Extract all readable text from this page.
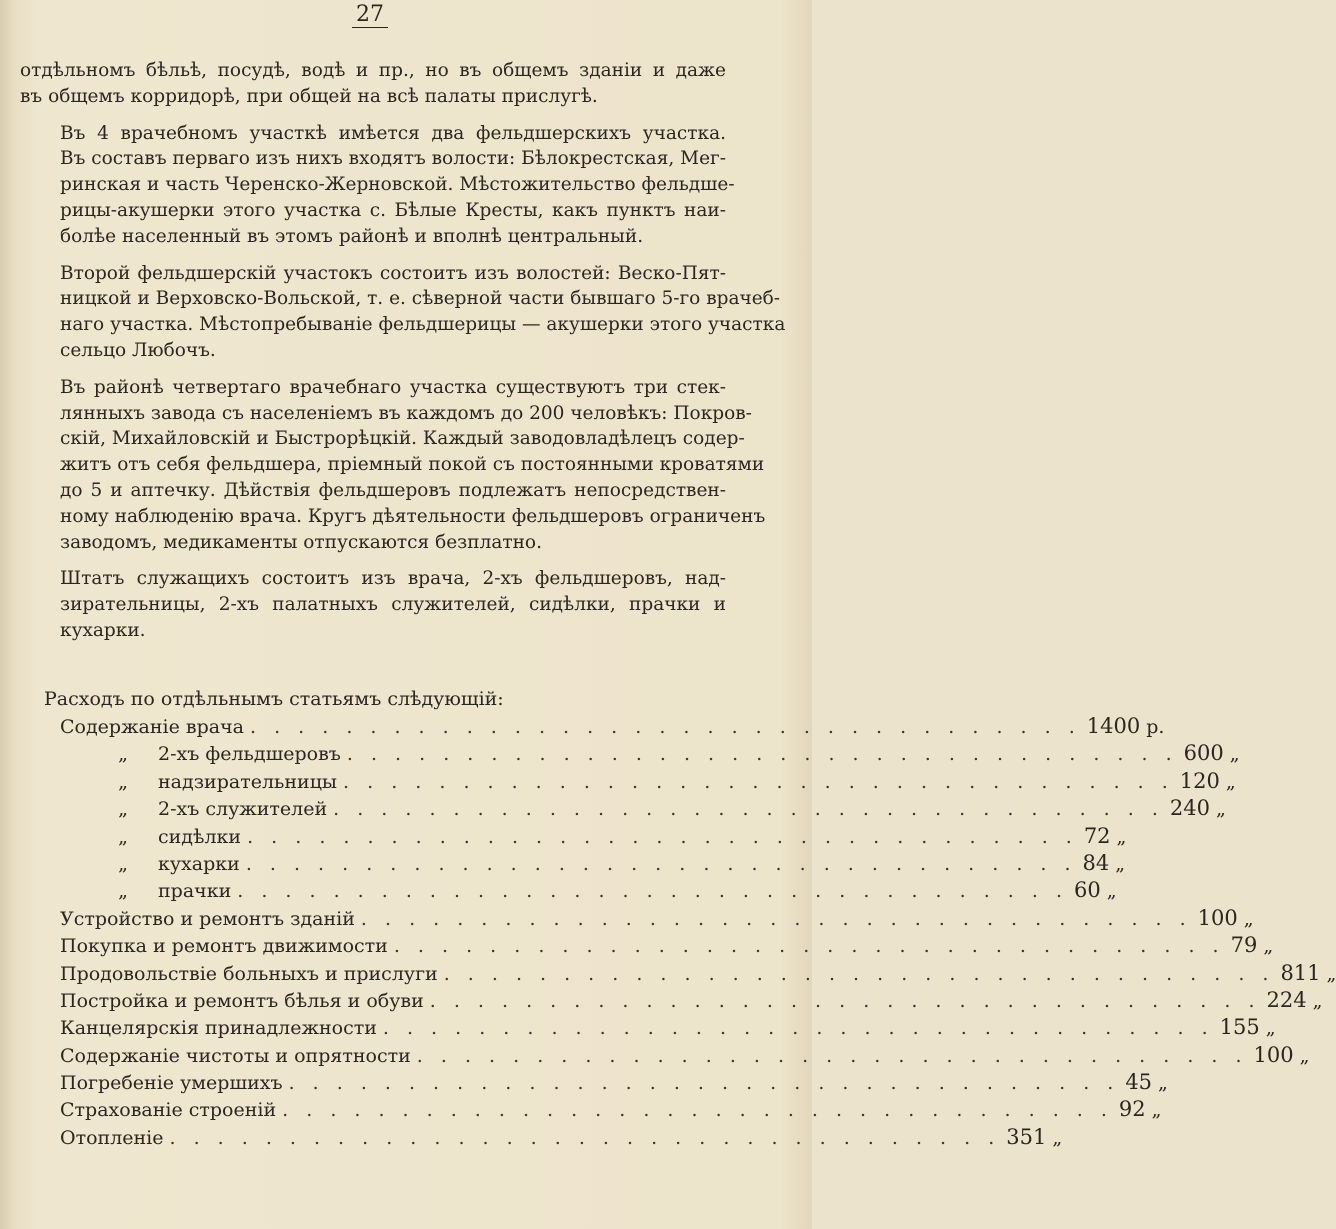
27

отдѣльномъ бѣльѣ, посудѣ, водѣ и пр., но въ общемъ зданіи и даже
въ общемъ корридорѣ, при общей на всѣ палаты прислугѣ.

Въ 4 врачебномъ участкѣ имѣется два фельдшерскихъ участка.
Въ составъ перваго изъ нихъ входятъ волости: Бѣлокрестская, Мег-
ринская и часть Черенско-Жерновской. Мѣстожительство фельдше-
рицы-акушерки этого участка с. Бѣлые Кресты, какъ пунктъ наи-
болѣе населенный въ этомъ районѣ и вполнѣ центральный.

Второй фельдшерскій участокъ состоитъ изъ волостей: Веско-Пят-
ницкой и Верховско-Вольской, т. е. сѣверной части бывшаго 5-го врачеб-
наго участка. Мѣстопребываніе фельдшерицы — акушерки этого участка
сельцо Любочъ.

Въ районѣ четвертаго врачебнаго участка существуютъ три стек-
лянныхъ завода съ населеніемъ въ каждомъ до 200 человѣкъ: Покров-
скій, Михайловскій и Быстрорѣцкій. Каждый заводовладѣлецъ содер-
житъ отъ себя фельдшера, пріемный покой съ постоянными кроватями
до 5 и аптечку. Дѣйствія фельдшеровъ подлежатъ непосредствен-
ному наблюденію врача. Кругъ дѣятельности фельдшеровъ ограниченъ
заводомъ, медикаменты отпускаются безплатно.

Штатъ служащихъ состоитъ изъ врача, 2-хъ фельдшеровъ, над-
зирательницы, 2-хъ палатныхъ служителей, сидѣлки, прачки и
кухарки.

Расходъ по отдѣльнымъ статьямъ слѣдующій:
Содержаніе врача . . . . . . . . . . . . . . . . . . . . . . . . . . . . . . . . . . . 1400 р.
„ 2-хъ фельдшеровъ . . . . . . . . . . . . . . . . . . . . . . . . . . . . . . . . . . . 600 „
„ надзирательницы . . . . . . . . . . . . . . . . . . . . . . . . . . . . . . . . . . . 120 „
„ 2-хъ служителей . . . . . . . . . . . . . . . . . . . . . . . . . . . . . . . . . . . 240 „
„ сидѣлки . . . . . . . . . . . . . . . . . . . . . . . . . . . . . . . . . . . 72 „
„ кухарки . . . . . . . . . . . . . . . . . . . . . . . . . . . . . . . . . . . 84 „
„ прачки . . . . . . . . . . . . . . . . . . . . . . . . . . . . . . . . . . . 60 „
Устройство и ремонтъ зданій . . . . . . . . . . . . . . . . . . . . . . . . . . . . . . . . . . . 100 „
Покупка и ремонтъ движимости . . . . . . . . . . . . . . . . . . . . . . . . . . . . . . . . . . . 79 „
Продовольствіе больныхъ и прислуги . . . . . . . . . . . . . . . . . . . . . . . . . . . . . . . . . . . 811 „
Постройка и ремонтъ бѣлья и обуви . . . . . . . . . . . . . . . . . . . . . . . . . . . . . . . . . . . 224 „
Канцелярскія принадлежности . . . . . . . . . . . . . . . . . . . . . . . . . . . . . . . . . . . 155 „
Содержаніе чистоты и опрятности . . . . . . . . . . . . . . . . . . . . . . . . . . . . . . . . . . . 100 „
Погребеніе умершихъ . . . . . . . . . . . . . . . . . . . . . . . . . . . . . . . . . . . 45 „
Страхованіе строеній . . . . . . . . . . . . . . . . . . . . . . . . . . . . . . . . . . . 92 „
Отопленіе . . . . . . . . . . . . . . . . . . . . . . . . . . . . . . . . . . . 351 „
